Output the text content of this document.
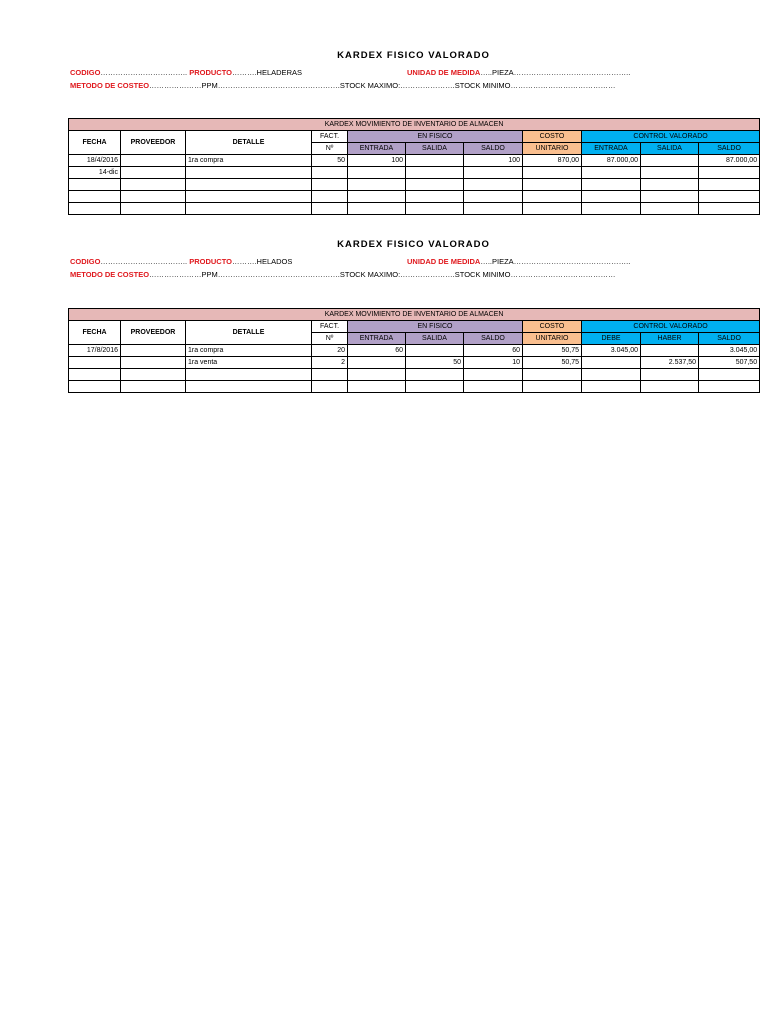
KARDEX FISICO VALORADO
CODIGO…………………………….. PRODUCTO……….HELADERAS	UNIDAD DE MEDIDA…..PIEZA………………………………………..
METODO DE COSTEO…………………PPM………………………………………….STOCK MAXIMO:………………….STOCK MINIMO……………………………………
KARDEX MOVIMIENTO DE INVENTARIO DE ALMACEN										
FECHA	PROVEEDOR	DETALLE	FACT.	EN FISICO			COSTO	CONTROL VALORADO		
			Nº	ENTRADA	SALIDA	SALDO	UNITARIO	ENTRADA	SALIDA	SALDO
18/4/2016		1ra compra	50	100		100	870,00	87.000,00		87.000,00
14-dic										

KARDEX FISICO VALORADO
CODIGO…………………………….. PRODUCTO……….HELADOS	UNIDAD DE MEDIDA…..PIEZA………………………………………..
METODO DE COSTEO…………………PPM………………………………………….STOCK MAXIMO:………………….STOCK MINIMO……………………………………
KARDEX MOVIMIENTO DE INVENTARIO DE ALMACEN										
FECHA	PROVEEDOR	DETALLE	FACT.	EN FISICO			COSTO	CONTROL VALORADO		
			Nº	ENTRADA	SALIDA	SALDO	UNITARIO	DEBE	HABER	SALDO
17/8/2016		1ra compra	20	60		60	50,75	3.045,00		3.045,00
		1ra venta	2		50	10	50,75		2.537,50	507,50
